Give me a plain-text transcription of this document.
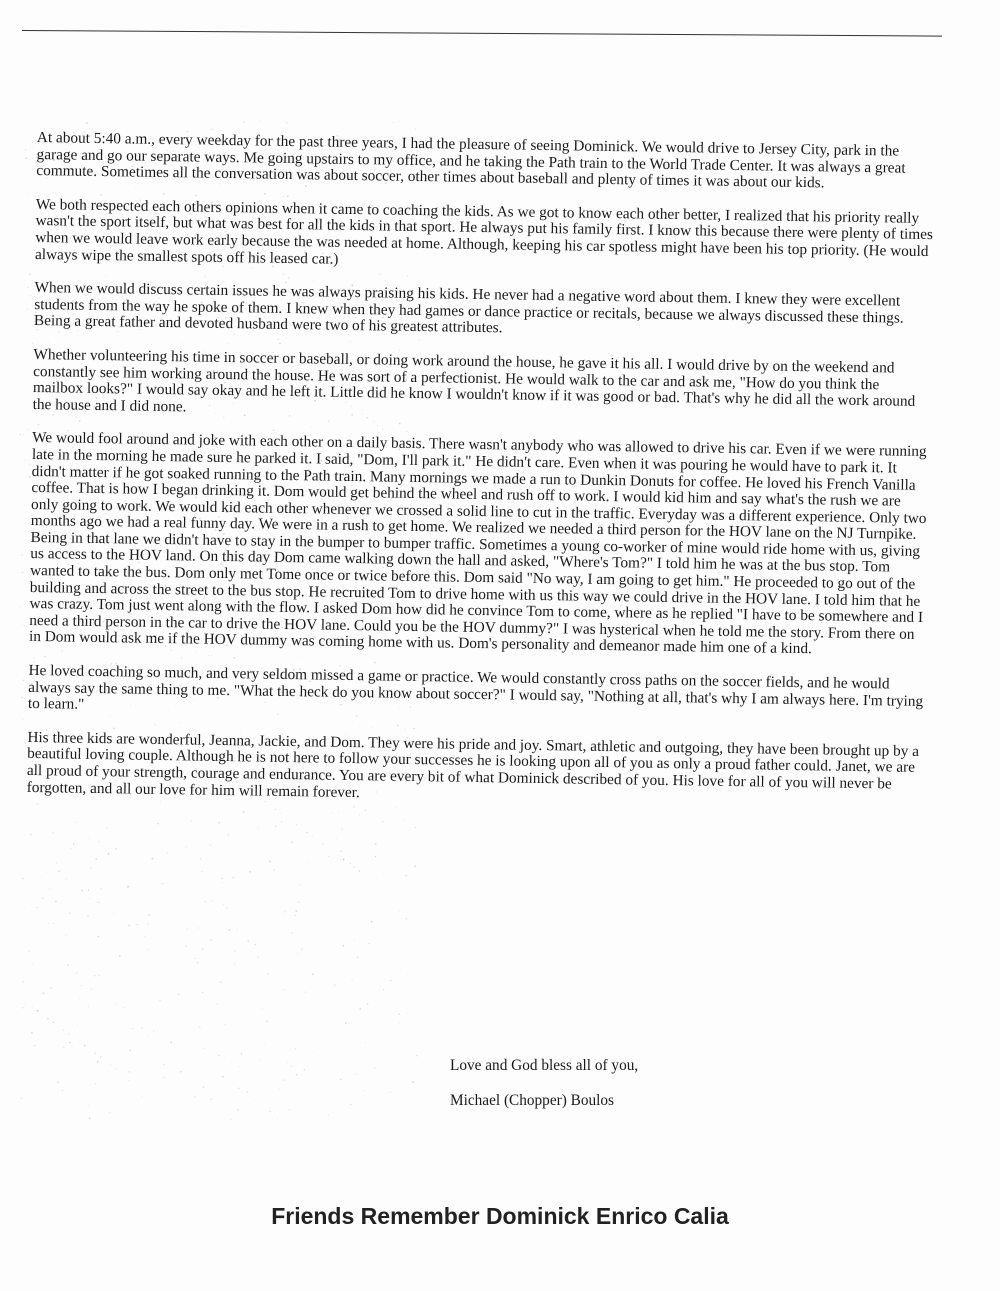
At about 5:40 a.m., every weekday for the past three years, I had the pleasure of seeing Dominick. We would drive to Jersey City, park in the garage and go our separate ways. Me going upstairs to my office, and he taking the Path train to the World Trade Center. It was always a great commute. Sometimes all the conversation was about soccer, other times about baseball and plenty of times it was about our kids.

We both respected each others opinions when it came to coaching the kids. As we got to know each other better, I realized that his priority really wasn't the sport itself, but what was best for all the kids in that sport. He always put his family first. I know this because there were plenty of times when we would leave work early because the was needed at home. Although, keeping his car spotless might have been his top priority. (He would always wipe the smallest spots off his leased car.)

When we would discuss certain issues he was always praising his kids. He never had a negative word about them. I knew they were excellent students from the way he spoke of them. I knew when they had games or dance practice or recitals, because we always discussed these things. Being a great father and devoted husband were two of his greatest attributes.

Whether volunteering his time in soccer or baseball, or doing work around the house, he gave it his all. I would drive by on the weekend and constantly see him working around the house. He was sort of a perfectionist. He would walk to the car and ask me, "How do you think the mailbox looks?" I would say okay and he left it. Little did he know I wouldn't know if it was good or bad. That's why he did all the work around the house and I did none.

We would fool around and joke with each other on a daily basis. There wasn't anybody who was allowed to drive his car. Even if we were running late in the morning he made sure he parked it. I said, "Dom, I'll park it." He didn't care. Even when it was pouring he would have to park it. It didn't matter if he got soaked running to the Path train. Many mornings we made a run to Dunkin Donuts for coffee. He loved his French Vanilla coffee. That is how I began drinking it. Dom would get behind the wheel and rush off to work. I would kid him and say what's the rush we are only going to work. We would kid each other whenever we crossed a solid line to cut in the traffic. Everyday was a different experience. Only two months ago we had a real funny day. We were in a rush to get home. We realized we needed a third person for the HOV lane on the NJ Turnpike. Being in that lane we didn't have to stay in the bumper to bumper traffic. Sometimes a young co-worker of mine would ride home with us, giving us access to the HOV land. On this day Dom came walking down the hall and asked, "Where's Tom?" I told him he was at the bus stop. Tom wanted to take the bus. Dom only met Tome once or twice before this. Dom said "No way, I am going to get him." He proceeded to go out of the building and across the street to the bus stop. He recruited Tom to drive home with us this way we could drive in the HOV lane. I told him that he was crazy. Tom just went along with the flow. I asked Dom how did he convince Tom to come, where as he replied "I have to be somewhere and I need a third person in the car to drive the HOV lane. Could you be the HOV dummy?" I was hysterical when he told me the story. From there on in Dom would ask me if the HOV dummy was coming home with us. Dom's personality and demeanor made him one of a kind.

He loved coaching so much, and very seldom missed a game or practice. We would constantly cross paths on the soccer fields, and he would always say the same thing to me. "What the heck do you know about soccer?" I would say, "Nothing at all, that's why I am always here. I'm trying to learn."

His three kids are wonderful, Jeanna, Jackie, and Dom. They were his pride and joy. Smart, athletic and outgoing, they have been brought up by a beautiful loving couple. Although he is not here to follow your successes he is looking upon all of you as only a proud father could. Janet, we are all proud of your strength, courage and endurance. You are every bit of what Dominick described of you. His love for all of you will never be forgotten, and all our love for him will remain forever.

Love and God bless all of you,
Michael (Chopper) Boulos
Friends Remember Dominick Enrico Calia
